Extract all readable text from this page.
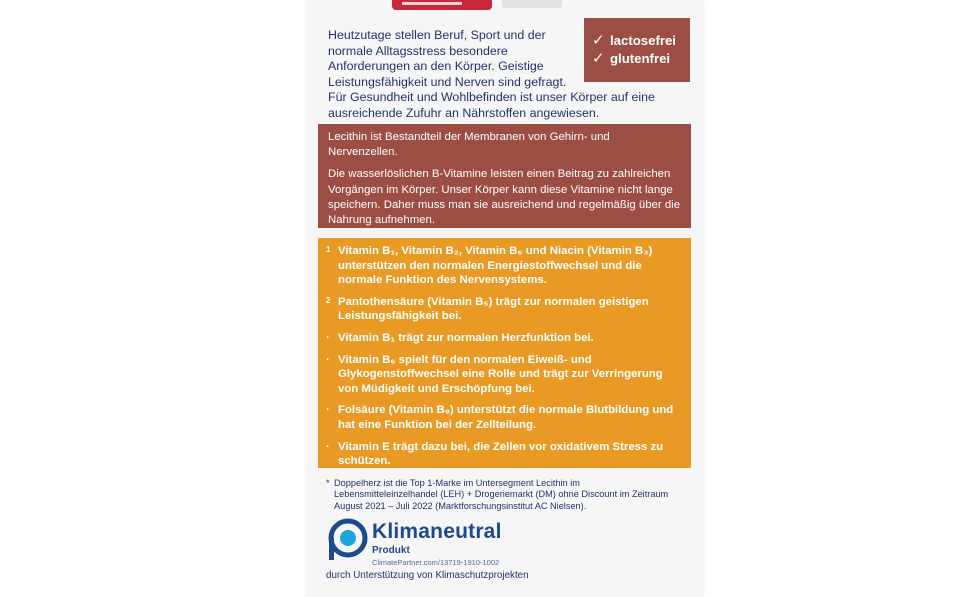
Heutzutage stellen Beruf, Sport und der
normale Alltagsstress besondere
Anforderungen an den Körper. Geistige
Leistungsfähigkeit und Nerven sind gefragt.
Für Gesundheit und Wohlbefinden ist unser Körper auf eine
ausreichende Zufuhr an Nährstoffen angewiesen.
✓ lactosefrei
✓ glutenfrei

Lecithin ist Bestandteil der Membranen von Gehirn- und Nervenzellen.

Die wasserlöslichen B-Vitamine leisten einen Beitrag zu zahlreichen Vorgängen im Körper. Unser Körper kann diese Vitamine nicht lange speichern. Daher muss man sie ausreichend und regelmäßig über die Nahrung aufnehmen.

1 Vitamin B₁, Vitamin B₂, Vitamin B₆ und Niacin (Vitamin B₃) unterstützen den normalen Energiestoffwechsel und die normale Funktion des Nervensystems.
2 Pantothensäure (Vitamin B₅) trägt zur normalen geistigen Leistungsfähigkeit bei.
· Vitamin B₁ trägt zur normalen Herzfunktion bei.
· Vitamin B₆ spielt für den normalen Eiweiß- und Glykogenstoffwechsel eine Rolle und trägt zur Verringerung von Müdigkeit und Erschöpfung bei.
· Folsäure (Vitamin B₉) unterstützt die normale Blutbildung und hat eine Funktion bei der Zellteilung.
· Vitamin E trägt dazu bei, die Zellen vor oxidativem Stress zu schützen.
* Doppelherz ist die Top 1-Marke im Untersegment Lecithin im Lebensmitteleinzelhandel (LEH) + Drogeriemarkt (DM) ohne Discount im Zeitraum August 2021 – Juli 2022 (Marktforschungsinstitut AC Nielsen).
Klimaneutral
Produkt
ClimatePartner.com/13719-1910-1002
durch Unterstützung von Klimaschutzprojekten
